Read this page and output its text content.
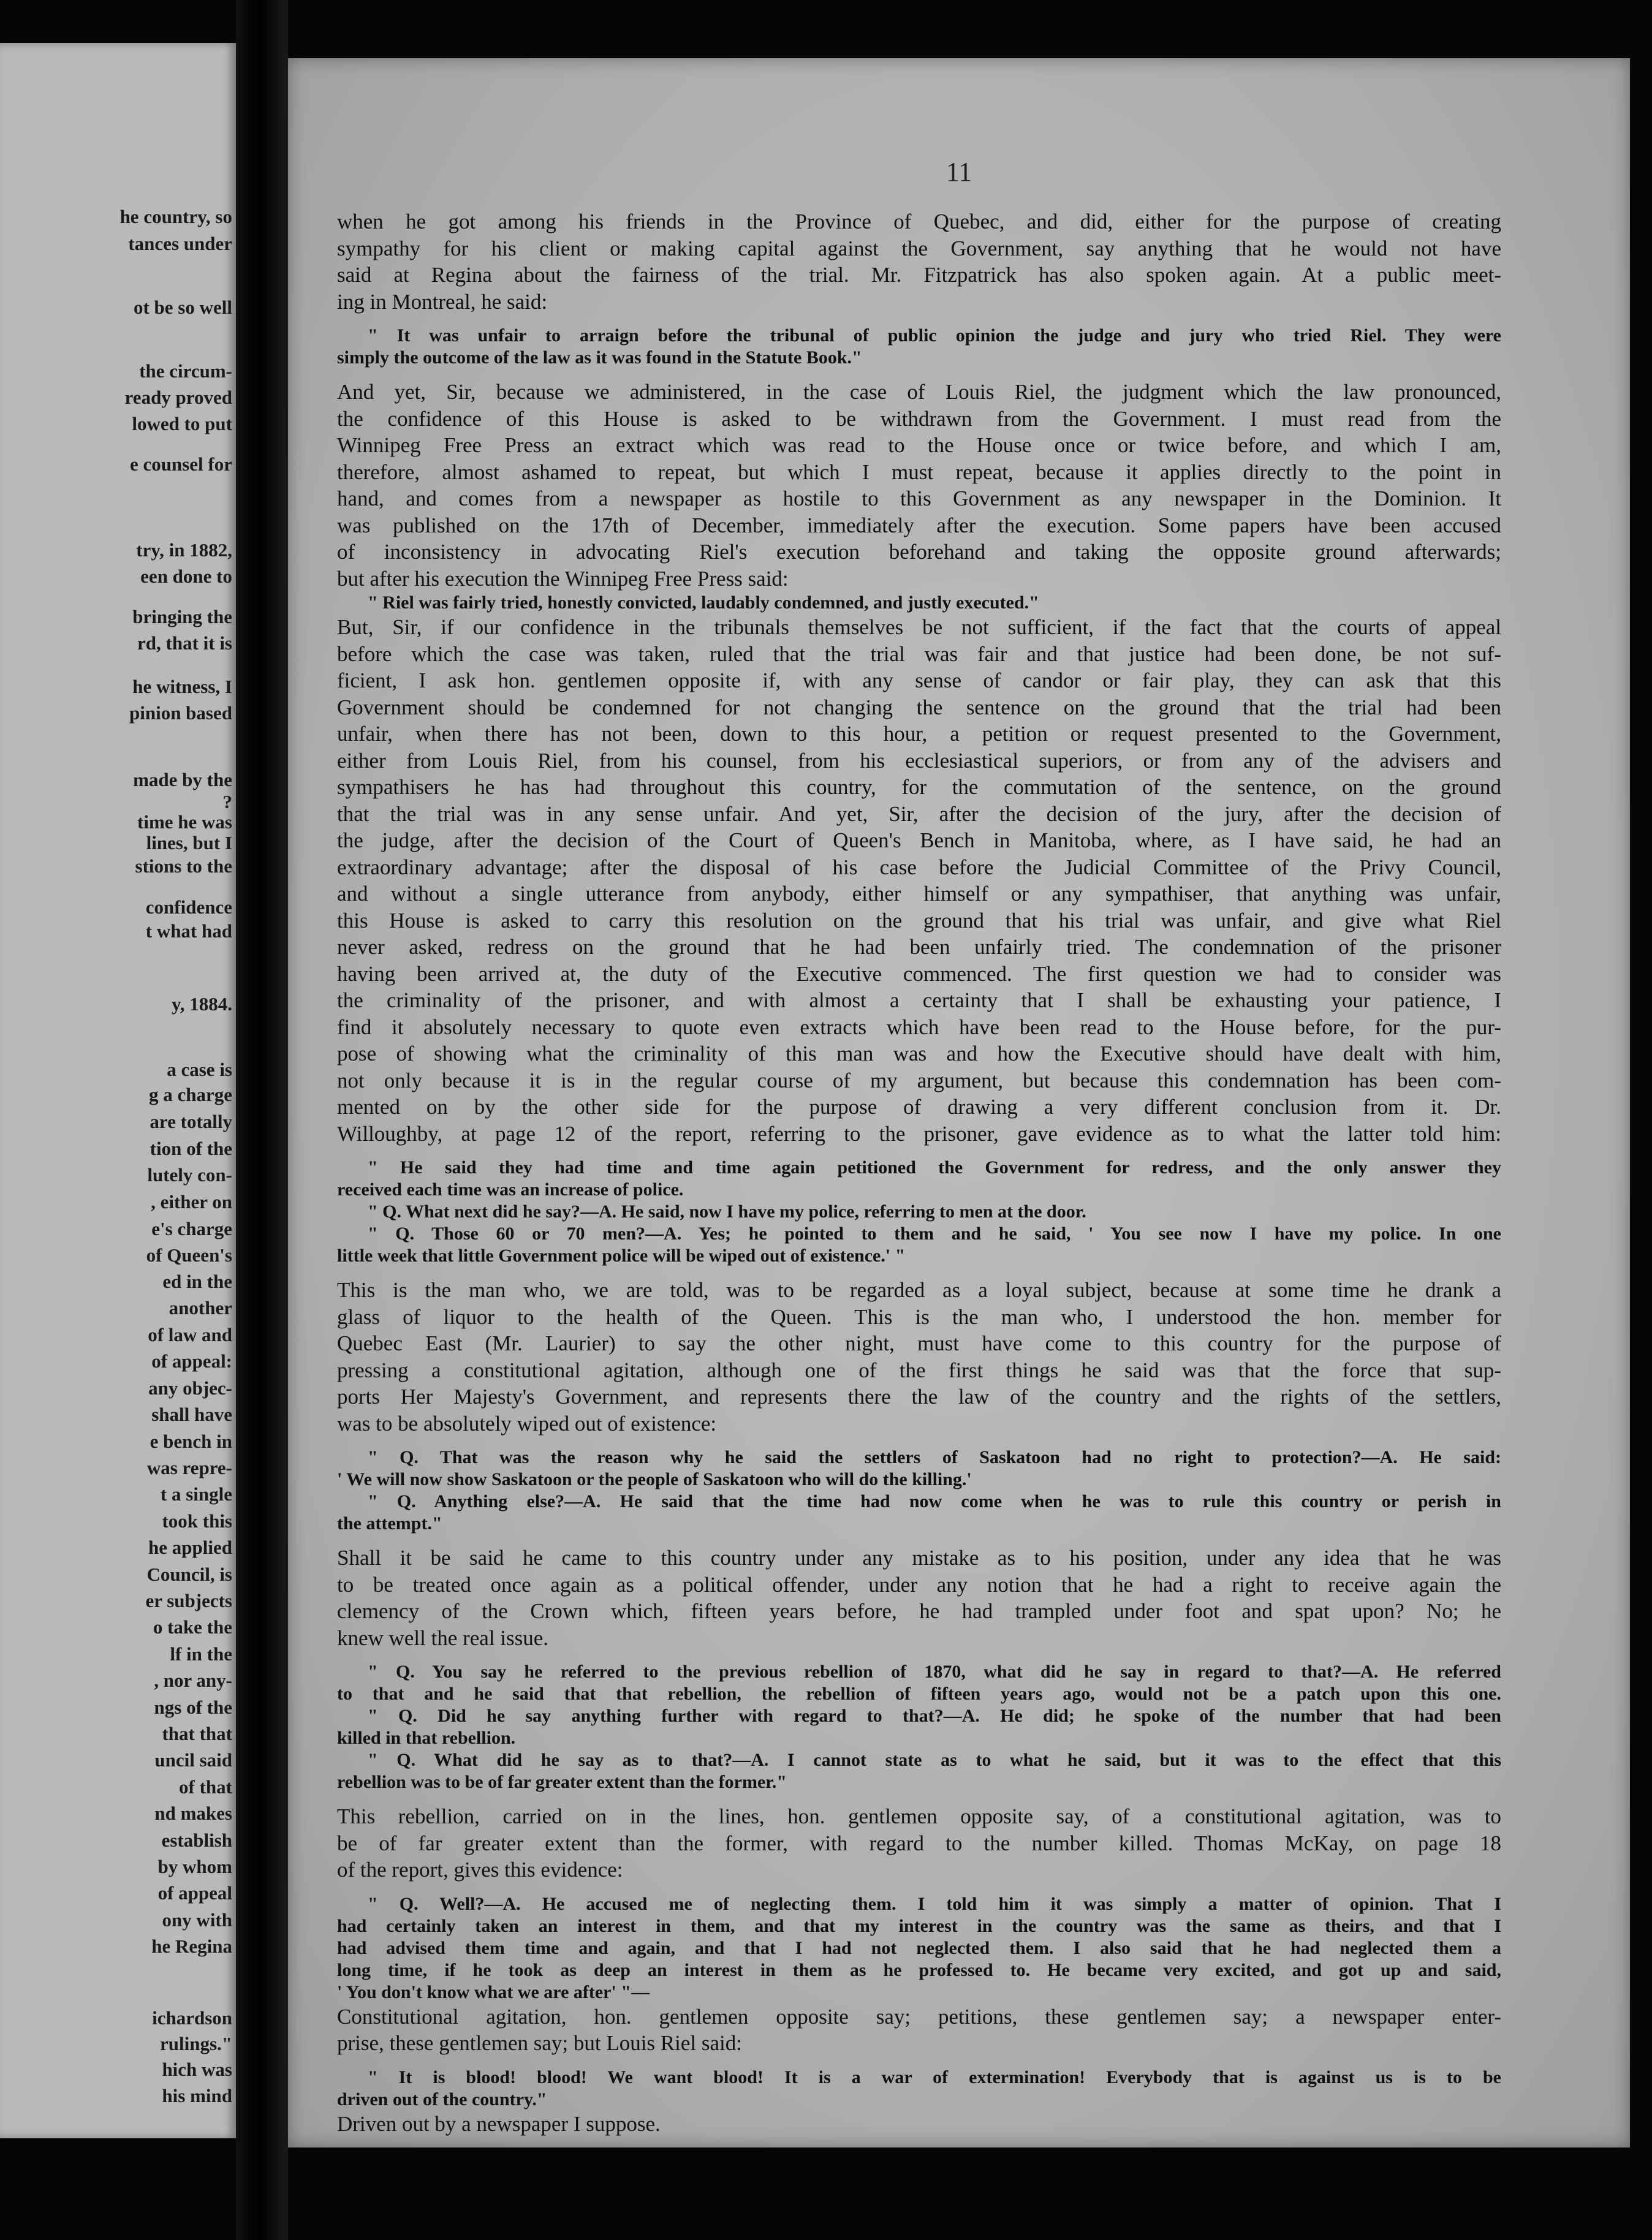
he country, so
tances under
ot be so well
the circum-
ready proved
lowed to put
e counsel for
try, in 1882,
een done to
bringing the
rd, that it is
he witness, I
pinion based
made by the
?
time he was
lines, but I
stions to the
confidence
t what had
y, 1884.
a case is
g a charge
are totally
tion of the
lutely con-
, either on
e's charge
of Queen's
ed in the
another
of law and
of appeal:
any objec-
shall have
e bench in
was repre-
t a single
took this
he applied
Council, is
er subjects
o take the
lf in the
, nor any-
ngs of the
that that
uncil said
of that
nd makes
establish
by whom
of appeal
ony with
he Regina
ichardson
rulings."
hich was
his mind
11
when he got among his friends in the Province of Quebec, and did, either for the purpose of creating
sympathy for his client or making capital against the Government, say anything that he would not have
said at Regina about the fairness of the trial. Mr. Fitzpatrick has also spoken again. At a public meet-
ing in Montreal, he said:
" It was unfair to arraign before the tribunal of public opinion the judge and jury who tried Riel. They were
simply the outcome of the law as it was found in the Statute Book."
And yet, Sir, because we administered, in the case of Louis Riel, the judgment which the law pronounced,
the confidence of this House is asked to be withdrawn from the Government. I must read from the
Winnipeg Free Press an extract which was read to the House once or twice before, and which I am,
therefore, almost ashamed to repeat, but which I must repeat, because it applies directly to the point in
hand, and comes from a newspaper as hostile to this Government as any newspaper in the Dominion. It
was published on the 17th of December, immediately after the execution. Some papers have been accused
of inconsistency in advocating Riel's execution beforehand and taking the opposite ground afterwards;
but after his execution the Winnipeg Free Press said:
" Riel was fairly tried, honestly convicted, laudably condemned, and justly executed."
But, Sir, if our confidence in the tribunals themselves be not sufficient, if the fact that the courts of appeal
before which the case was taken, ruled that the trial was fair and that justice had been done, be not suf-
ficient, I ask hon. gentlemen opposite if, with any sense of candor or fair play, they can ask that this
Government should be condemned for not changing the sentence on the ground that the trial had been
unfair, when there has not been, down to this hour, a petition or request presented to the Government,
either from Louis Riel, from his counsel, from his ecclesiastical superiors, or from any of the advisers and
sympathisers he has had throughout this country, for the commutation of the sentence, on the ground
that the trial was in any sense unfair. And yet, Sir, after the decision of the jury, after the decision of
the judge, after the decision of the Court of Queen's Bench in Manitoba, where, as I have said, he had an
extraordinary advantage; after the disposal of his case before the Judicial Committee of the Privy Council,
and without a single utterance from anybody, either himself or any sympathiser, that anything was unfair,
this House is asked to carry this resolution on the ground that his trial was unfair, and give what Riel
never asked, redress on the ground that he had been unfairly tried. The condemnation of the prisoner
having been arrived at, the duty of the Executive commenced. The first question we had to consider was
the criminality of the prisoner, and with almost a certainty that I shall be exhausting your patience, I
find it absolutely necessary to quote even extracts which have been read to the House before, for the pur-
pose of showing what the criminality of this man was and how the Executive should have dealt with him,
not only because it is in the regular course of my argument, but because this condemnation has been com-
mented on by the other side for the purpose of drawing a very different conclusion from it. Dr.
Willoughby, at page 12 of the report, referring to the prisoner, gave evidence as to what the latter told him:
" He said they had time and time again petitioned the Government for redress, and the only answer they
received each time was an increase of police.
" Q. What next did he say?—A. He said, now I have my police, referring to men at the door.
" Q. Those 60 or 70 men?—A. Yes; he pointed to them and he said, ' You see now I have my police. In one
little week that little Government police will be wiped out of existence.' "
This is the man who, we are told, was to be regarded as a loyal subject, because at some time he drank a
glass of liquor to the health of the Queen. This is the man who, I understood the hon. member for
Quebec East (Mr. Laurier) to say the other night, must have come to this country for the purpose of
pressing a constitutional agitation, although one of the first things he said was that the force that sup-
ports Her Majesty's Government, and represents there the law of the country and the rights of the settlers,
was to be absolutely wiped out of existence:
" Q. That was the reason why he said the settlers of Saskatoon had no right to protection?—A. He said:
' We will now show Saskatoon or the people of Saskatoon who will do the killing.'
" Q. Anything else?—A. He said that the time had now come when he was to rule this country or perish in
the attempt."
Shall it be said he came to this country under any mistake as to his position, under any idea that he was
to be treated once again as a political offender, under any notion that he had a right to receive again the
clemency of the Crown which, fifteen years before, he had trampled under foot and spat upon? No; he
knew well the real issue.
" Q. You say he referred to the previous rebellion of 1870, what did he say in regard to that?—A. He referred
to that and he said that that rebellion, the rebellion of fifteen years ago, would not be a patch upon this one.
" Q. Did he say anything further with regard to that?—A. He did; he spoke of the number that had been
killed in that rebellion.
" Q. What did he say as to that?—A. I cannot state as to what he said, but it was to the effect that this
rebellion was to be of far greater extent than the former."
This rebellion, carried on in the lines, hon. gentlemen opposite say, of a constitutional agitation, was to
be of far greater extent than the former, with regard to the number killed. Thomas McKay, on page 18
of the report, gives this evidence:
" Q. Well?—A. He accused me of neglecting them. I told him it was simply a matter of opinion. That I
had certainly taken an interest in them, and that my interest in the country was the same as theirs, and that I
had advised them time and again, and that I had not neglected them. I also said that he had neglected them a
long time, if he took as deep an interest in them as he professed to. He became very excited, and got up and said,
' You don't know what we are after' "—
Constitutional agitation, hon. gentlemen opposite say; petitions, these gentlemen say; a newspaper enter-
prise, these gentlemen say; but Louis Riel said:
" It is blood! blood! We want blood! It is a war of extermination! Everybody that is against us is to be
driven out of the country."
Driven out by a newspaper I suppose.
